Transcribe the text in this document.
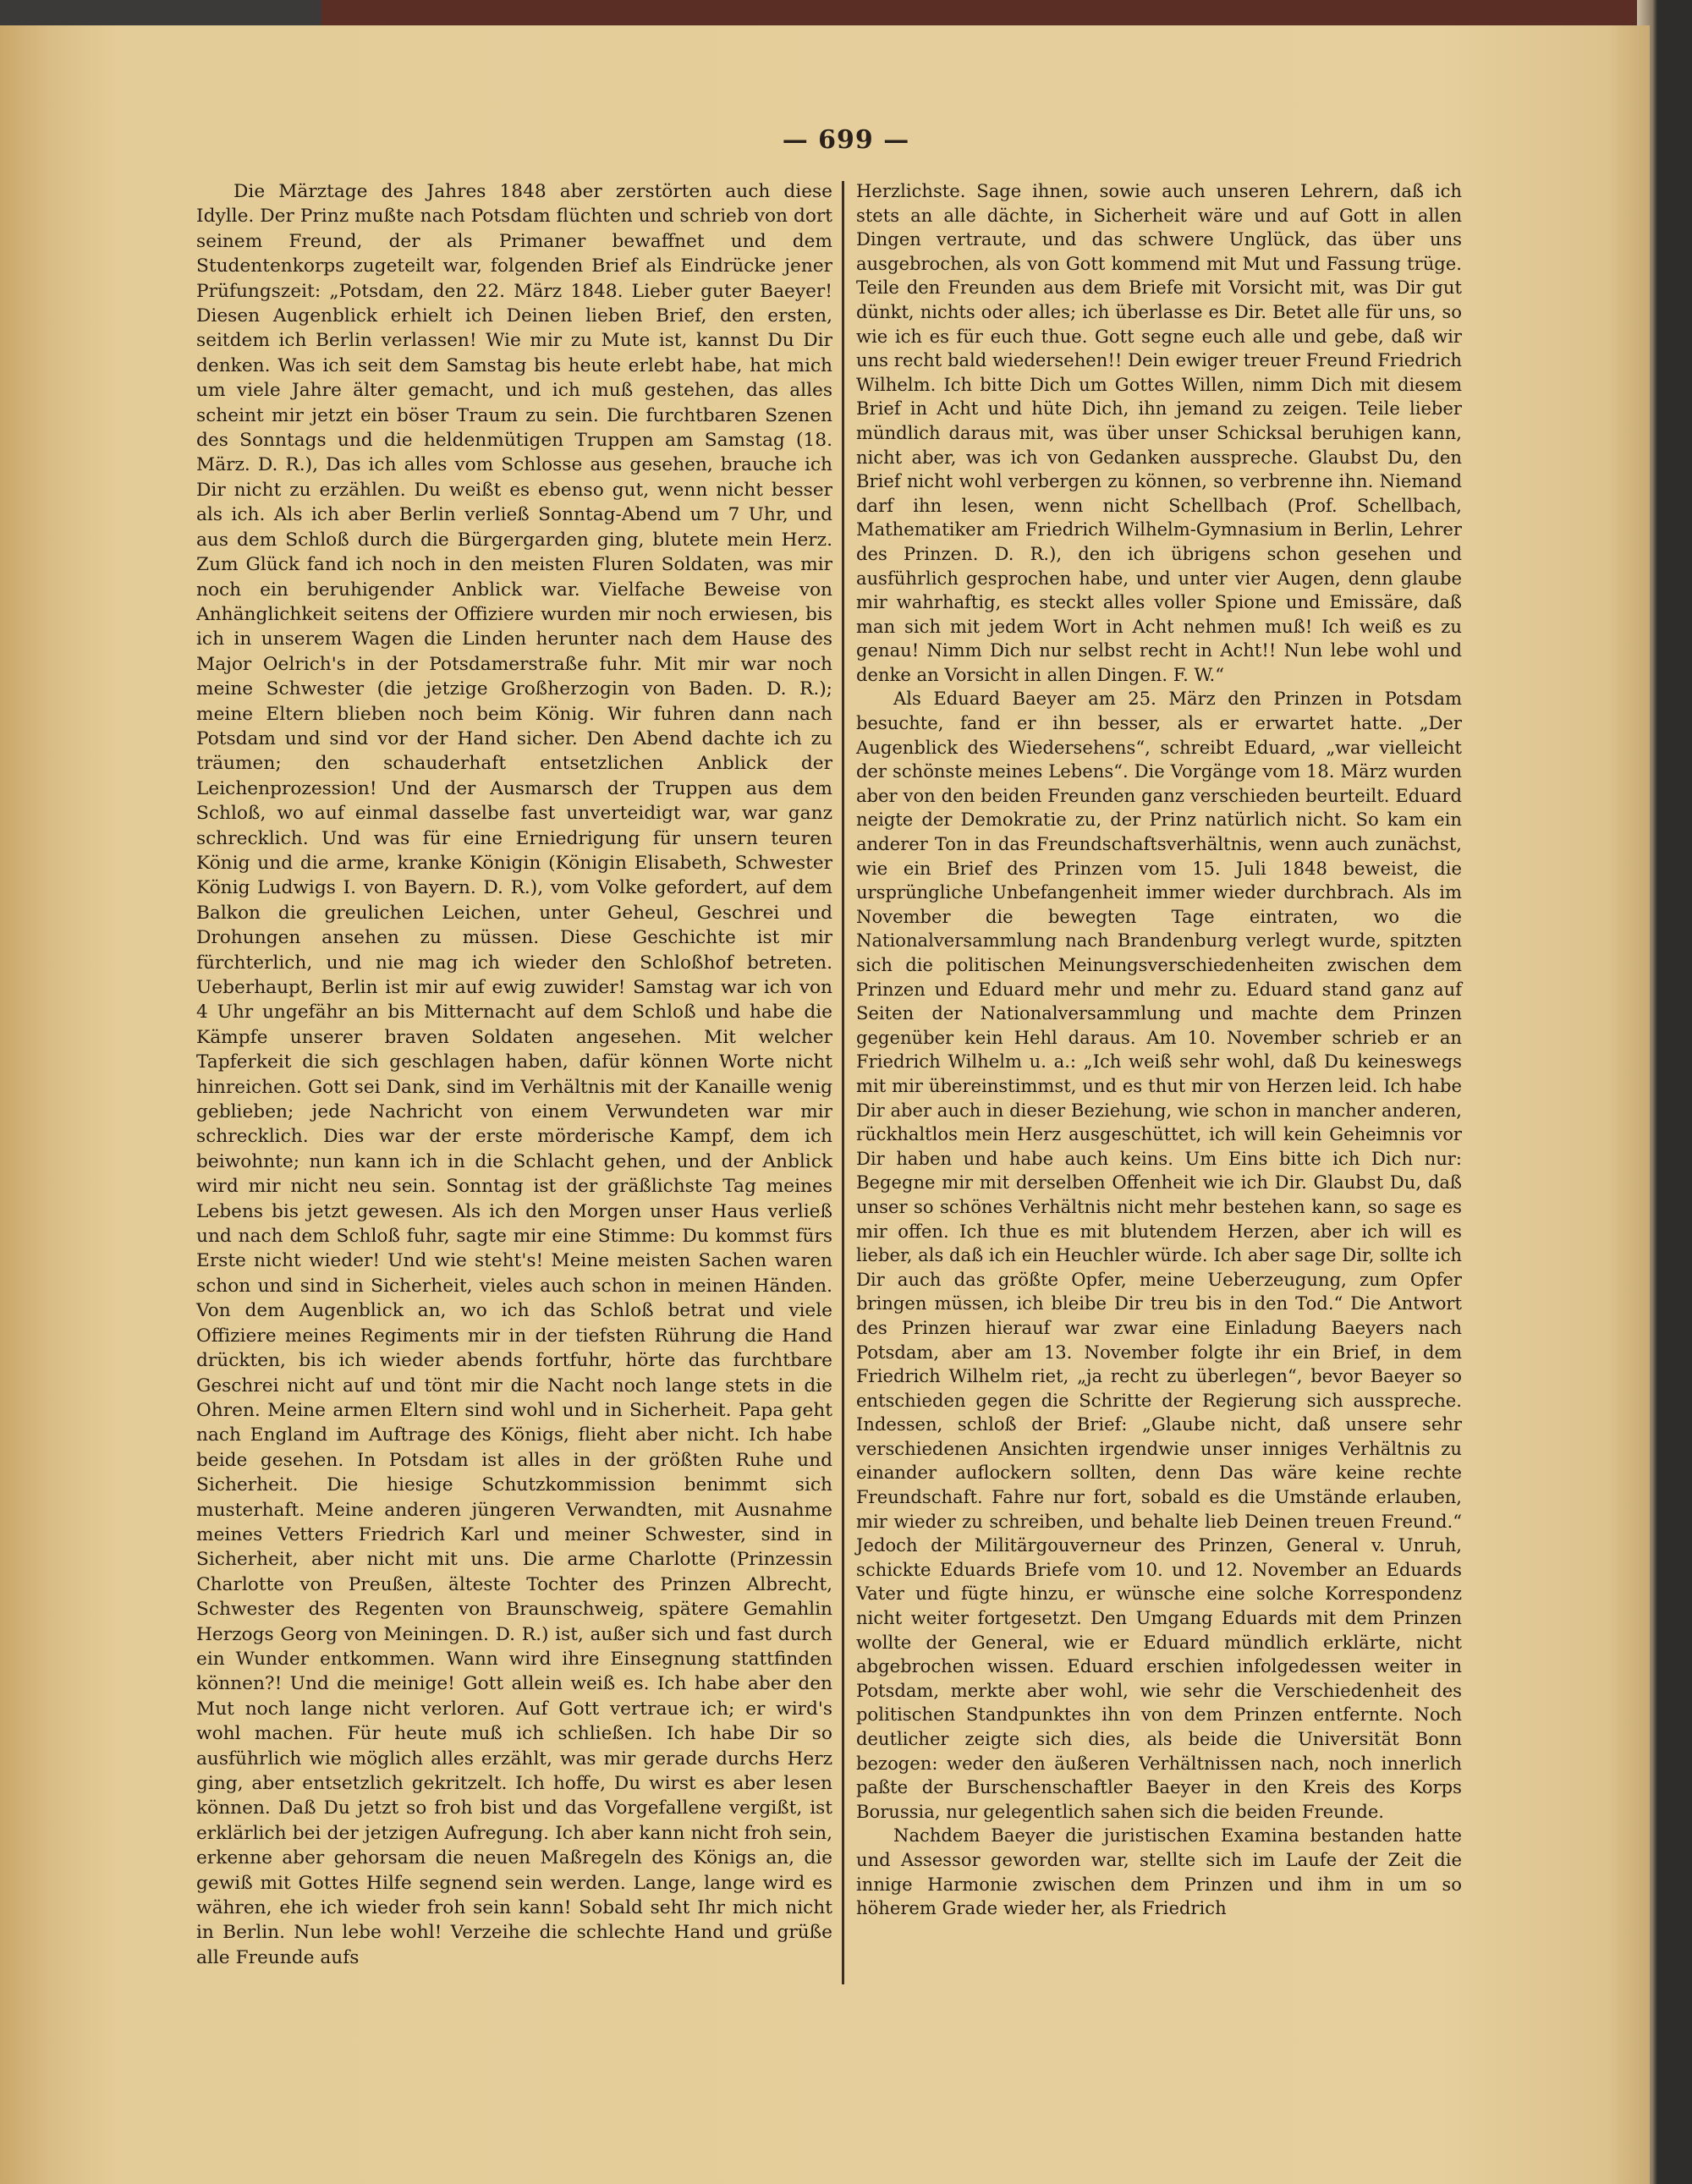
— 699 —

Die Märztage des Jahres 1848 aber zerstörten auch diese Idylle. Der Prinz mußte nach Potsdam flüchten und schrieb von dort seinem Freund, der als Primaner bewaffnet und dem Studentenkorps zugeteilt war, folgenden Brief als Eindrücke jener Prüfungszeit: „Potsdam, den 22. März 1848. Lieber guter Baeyer! Diesen Augenblick erhielt ich Deinen lieben Brief, den ersten, seitdem ich Berlin verlassen! Wie mir zu Mute ist, kannst Du Dir denken. Was ich seit dem Samstag bis heute erlebt habe, hat mich um viele Jahre älter gemacht, und ich muß gestehen, das alles scheint mir jetzt ein böser Traum zu sein. Die furchtbaren Szenen des Sonntags und die heldenmütigen Truppen am Samstag (18. März. D. R.), Das ich alles vom Schlosse aus gesehen, brauche ich Dir nicht zu erzählen. Du weißt es ebenso gut, wenn nicht besser als ich. Als ich aber Berlin verließ Sonntag-Abend um 7 Uhr, und aus dem Schloß durch die Bürgergarden ging, blutete mein Herz. Zum Glück fand ich noch in den meisten Fluren Soldaten, was mir noch ein beruhigender Anblick war. Vielfache Beweise von Anhänglichkeit seitens der Offiziere wurden mir noch erwiesen, bis ich in unserem Wagen die Linden herunter nach dem Hause des Major Oelrich's in der Potsdamerstraße fuhr. Mit mir war noch meine Schwester (die jetzige Großherzogin von Baden. D. R.); meine Eltern blieben noch beim König. Wir fuhren dann nach Potsdam und sind vor der Hand sicher. Den Abend dachte ich zu träumen; den schauderhaft entsetzlichen Anblick der Leichenprozession! Und der Ausmarsch der Truppen aus dem Schloß, wo auf einmal dasselbe fast unverteidigt war, war ganz schrecklich. Und was für eine Erniedrigung für unsern teuren König und die arme, kranke Königin (Königin Elisabeth, Schwester König Ludwigs I. von Bayern. D. R.), vom Volke gefordert, auf dem Balkon die greulichen Leichen, unter Geheul, Geschrei und Drohungen ansehen zu müssen. Diese Geschichte ist mir fürchterlich, und nie mag ich wieder den Schloßhof betreten. Ueberhaupt, Berlin ist mir auf ewig zuwider! Samstag war ich von 4 Uhr ungefähr an bis Mitternacht auf dem Schloß und habe die Kämpfe unserer braven Soldaten angesehen. Mit welcher Tapferkeit die sich geschlagen haben, dafür können Worte nicht hinreichen. Gott sei Dank, sind im Verhältnis mit der Kanaille wenig geblieben; jede Nachricht von einem Verwundeten war mir schrecklich. Dies war der erste mörderische Kampf, dem ich beiwohnte; nun kann ich in die Schlacht gehen, und der Anblick wird mir nicht neu sein. Sonntag ist der gräßlichste Tag meines Lebens bis jetzt gewesen. Als ich den Morgen unser Haus verließ und nach dem Schloß fuhr, sagte mir eine Stimme: Du kommst fürs Erste nicht wieder! Und wie steht's! Meine meisten Sachen waren schon und sind in Sicherheit, vieles auch schon in meinen Händen. Von dem Augenblick an, wo ich das Schloß betrat und viele Offiziere meines Regiments mir in der tiefsten Rührung die Hand drückten, bis ich wieder abends fortfuhr, hörte das furchtbare Geschrei nicht auf und tönt mir die Nacht noch lange stets in die Ohren. Meine armen Eltern sind wohl und in Sicherheit. Papa geht nach England im Auftrage des Königs, flieht aber nicht. Ich habe beide gesehen. In Potsdam ist alles in der größten Ruhe und Sicherheit. Die hiesige Schutzkommission benimmt sich musterhaft. Meine anderen jüngeren Verwandten, mit Ausnahme meines Vetters Friedrich Karl und meiner Schwester, sind in Sicherheit, aber nicht mit uns. Die arme Charlotte (Prinzessin Charlotte von Preußen, älteste Tochter des Prinzen Albrecht, Schwester des Regenten von Braunschweig, spätere Gemahlin Herzogs Georg von Meiningen. D. R.) ist, außer sich und fast durch ein Wunder entkommen. Wann wird ihre Einsegnung stattfinden können?! Und die meinige! Gott allein weiß es. Ich habe aber den Mut noch lange nicht verloren. Auf Gott vertraue ich; er wird's wohl machen. Für heute muß ich schließen. Ich habe Dir so ausführlich wie möglich alles erzählt, was mir gerade durchs Herz ging, aber entsetzlich gekritzelt. Ich hoffe, Du wirst es aber lesen können. Daß Du jetzt so froh bist und das Vorgefallene vergißt, ist erklärlich bei der jetzigen Aufregung. Ich aber kann nicht froh sein, erkenne aber gehorsam die neuen Maßregeln des Königs an, die gewiß mit Gottes Hilfe segnend sein werden. Lange, lange wird es währen, ehe ich wieder froh sein kann! Sobald seht Ihr mich nicht in Berlin. Nun lebe wohl! Verzeihe die schlechte Hand und grüße alle Freunde aufs

Herzlichste. Sage ihnen, sowie auch unseren Lehrern, daß ich stets an alle dächte, in Sicherheit wäre und auf Gott in allen Dingen vertraute, und das schwere Unglück, das über uns ausgebrochen, als von Gott kommend mit Mut und Fassung trüge. Teile den Freunden aus dem Briefe mit Vorsicht mit, was Dir gut dünkt, nichts oder alles; ich überlasse es Dir. Betet alle für uns, so wie ich es für euch thue. Gott segne euch alle und gebe, daß wir uns recht bald wiedersehen!! Dein ewiger treuer Freund Friedrich Wilhelm. Ich bitte Dich um Gottes Willen, nimm Dich mit diesem Brief in Acht und hüte Dich, ihn jemand zu zeigen. Teile lieber mündlich daraus mit, was über unser Schicksal beruhigen kann, nicht aber, was ich von Gedanken ausspreche. Glaubst Du, den Brief nicht wohl verbergen zu können, so verbrenne ihn. Niemand darf ihn lesen, wenn nicht Schellbach (Prof. Schellbach, Mathematiker am Friedrich Wilhelm-Gymnasium in Berlin, Lehrer des Prinzen. D. R.), den ich übrigens schon gesehen und ausführlich gesprochen habe, und unter vier Augen, denn glaube mir wahrhaftig, es steckt alles voller Spione und Emissäre, daß man sich mit jedem Wort in Acht nehmen muß! Ich weiß es zu genau! Nimm Dich nur selbst recht in Acht!! Nun lebe wohl und denke an Vorsicht in allen Dingen. F. W.“

Als Eduard Baeyer am 25. März den Prinzen in Potsdam besuchte, fand er ihn besser, als er erwartet hatte. „Der Augenblick des Wiedersehens“, schreibt Eduard, „war vielleicht der schönste meines Lebens“. Die Vorgänge vom 18. März wurden aber von den beiden Freunden ganz verschieden beurteilt. Eduard neigte der Demokratie zu, der Prinz natürlich nicht. So kam ein anderer Ton in das Freundschaftsverhältnis, wenn auch zunächst, wie ein Brief des Prinzen vom 15. Juli 1848 beweist, die ursprüngliche Unbefangenheit immer wieder durchbrach. Als im November die bewegten Tage eintraten, wo die Nationalversammlung nach Brandenburg verlegt wurde, spitzten sich die politischen Meinungsverschiedenheiten zwischen dem Prinzen und Eduard mehr und mehr zu. Eduard stand ganz auf Seiten der Nationalversammlung und machte dem Prinzen gegenüber kein Hehl daraus. Am 10. November schrieb er an Friedrich Wilhelm u. a.: „Ich weiß sehr wohl, daß Du keineswegs mit mir übereinstimmst, und es thut mir von Herzen leid. Ich habe Dir aber auch in dieser Beziehung, wie schon in mancher anderen, rückhaltlos mein Herz ausgeschüttet, ich will kein Geheimnis vor Dir haben und habe auch keins. Um Eins bitte ich Dich nur: Begegne mir mit derselben Offenheit wie ich Dir. Glaubst Du, daß unser so schönes Verhältnis nicht mehr bestehen kann, so sage es mir offen. Ich thue es mit blutendem Herzen, aber ich will es lieber, als daß ich ein Heuchler würde. Ich aber sage Dir, sollte ich Dir auch das größte Opfer, meine Ueberzeugung, zum Opfer bringen müssen, ich bleibe Dir treu bis in den Tod.“ Die Antwort des Prinzen hierauf war zwar eine Einladung Baeyers nach Potsdam, aber am 13. November folgte ihr ein Brief, in dem Friedrich Wilhelm riet, „ja recht zu überlegen“, bevor Baeyer so entschieden gegen die Schritte der Regierung sich ausspreche. Indessen, schloß der Brief: „Glaube nicht, daß unsere sehr verschiedenen Ansichten irgendwie unser inniges Verhältnis zu einander auflockern sollten, denn Das wäre keine rechte Freundschaft. Fahre nur fort, sobald es die Umstände erlauben, mir wieder zu schreiben, und behalte lieb Deinen treuen Freund.“ Jedoch der Militärgouverneur des Prinzen, General v. Unruh, schickte Eduards Briefe vom 10. und 12. November an Eduards Vater und fügte hinzu, er wünsche eine solche Korrespondenz nicht weiter fortgesetzt. Den Umgang Eduards mit dem Prinzen wollte der General, wie er Eduard mündlich erklärte, nicht abgebrochen wissen. Eduard erschien infolgedessen weiter in Potsdam, merkte aber wohl, wie sehr die Verschiedenheit des politischen Standpunktes ihn von dem Prinzen entfernte. Noch deutlicher zeigte sich dies, als beide die Universität Bonn bezogen: weder den äußeren Verhältnissen nach, noch innerlich paßte der Burschenschaftler Baeyer in den Kreis des Korps Borussia, nur gelegentlich sahen sich die beiden Freunde.

Nachdem Baeyer die juristischen Examina bestanden hatte und Assessor geworden war, stellte sich im Laufe der Zeit die innige Harmonie zwischen dem Prinzen und ihm in um so höherem Grade wieder her, als Friedrich
